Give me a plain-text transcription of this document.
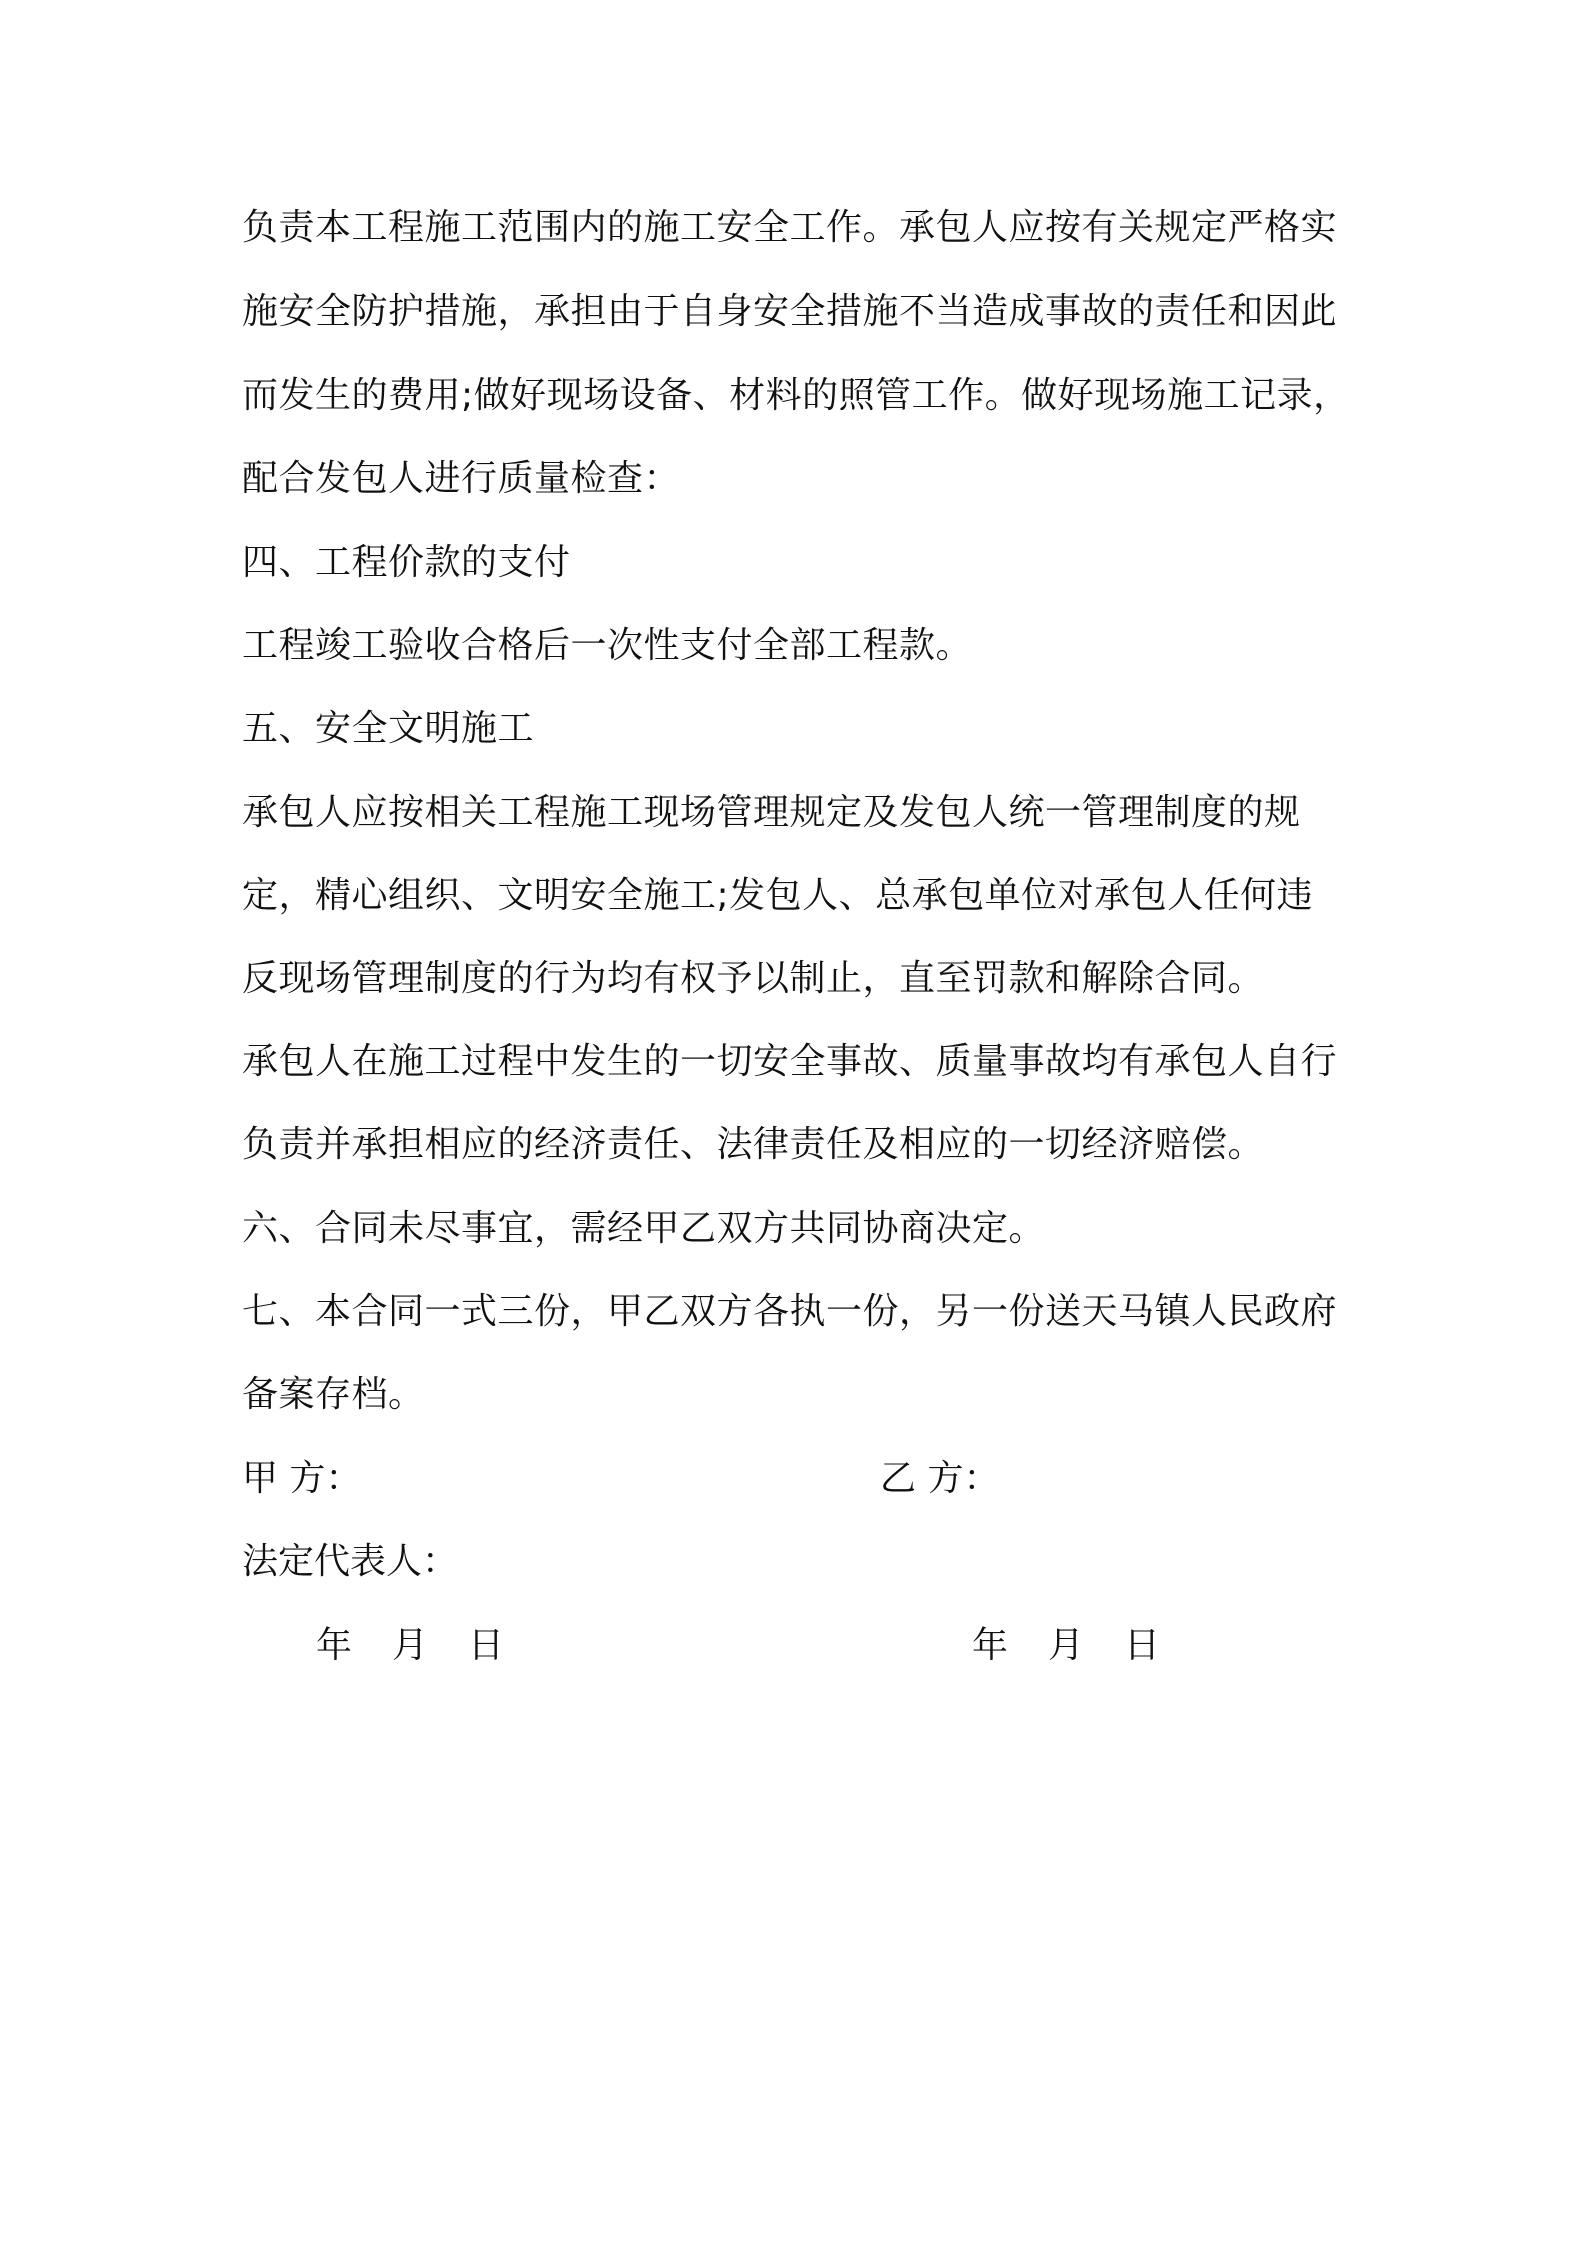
负责本工程施工范围内的施工安全工作。承包人应按有关规定严格实
施安全防护措施，承担由于自身安全措施不当造成事故的责任和因此
而发生的费用;做好现场设备、材料的照管工作。做好现场施工记录，
配合发包人进行质量检查：
四、工程价款的支付
工程竣工验收合格后一次性支付全部工程款。
五、安全文明施工
承包人应按相关工程施工现场管理规定及发包人统一管理制度的规
定，精心组织、文明安全施工;发包人、总承包单位对承包人任何违
反现场管理制度的行为均有权予以制止，直至罚款和解除合同。
承包人在施工过程中发生的一切安全事故、质量事故均有承包人自行
负责并承担相应的经济责任、法律责任及相应的一切经济赔偿。
六、合同未尽事宜，需经甲乙双方共同协商决定。
七、本合同一式三份，甲乙双方各执一份，另一份送天马镇人民政府
备案存档。
甲 方：	乙 方：
法定代表人：
年 月 日	年 月 日
